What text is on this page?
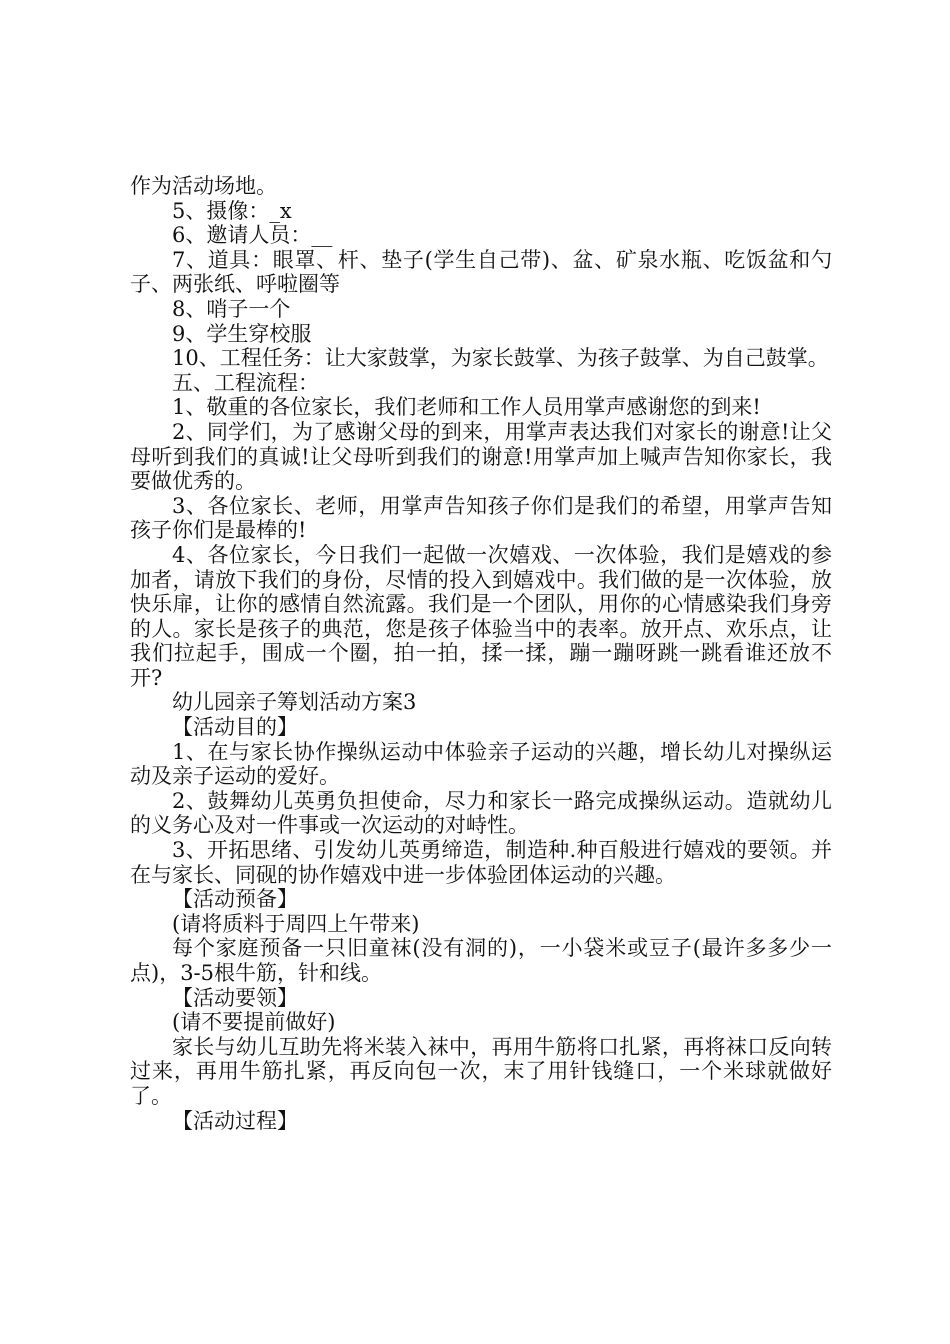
作为活动场地。

5、摄像：_x

6、邀请人员：__

7、道具：眼罩、杆、垫子(学生自己带)、盆、矿泉水瓶、吃饭盆和勺子、两张纸、呼啦圈等

8、哨子一个

9、学生穿校服

10、工程任务：让大家鼓掌，为家长鼓掌、为孩子鼓掌、为自己鼓掌。

五、工程流程：

1、敬重的各位家长，我们老师和工作人员用掌声感谢您的到来!

2、同学们，为了感谢父母的到来，用掌声表达我们对家长的谢意!让父母听到我们的真诚!让父母听到我们的谢意!用掌声加上喊声告知你家长，我要做优秀的。

3、各位家长、老师，用掌声告知孩子你们是我们的希望，用掌声告知孩子你们是最棒的!

4、各位家长，今日我们一起做一次嬉戏、一次体验，我们是嬉戏的参加者，请放下我们的身份，尽情的投入到嬉戏中。我们做的是一次体验，放快乐扉，让你的感情自然流露。我们是一个团队，用你的心情感染我们身旁的人。家长是孩子的典范，您是孩子体验当中的表率。放开点、欢乐点，让我们拉起手，围成一个圈，拍一拍，揉一揉，蹦一蹦呀跳一跳看谁还放不开?

幼儿园亲子筹划活动方案3

【活动目的】

1、在与家长协作操纵运动中体验亲子运动的兴趣，增长幼儿对操纵运动及亲子运动的爱好。

2、鼓舞幼儿英勇负担使命，尽力和家长一路完成操纵运动。造就幼儿的义务心及对一件事或一次运动的对峙性。

3、开拓思绪、引发幼儿英勇缔造，制造种.种百般进行嬉戏的要领。并在与家长、同砚的协作嬉戏中进一步体验团体运动的兴趣。

【活动预备】

(请将质料于周四上午带来)

每个家庭预备一只旧童袜(没有洞的)，一小袋米或豆子(最许多多少一点)，3-5根牛筋，针和线。

【活动要领】

(请不要提前做好)

家长与幼儿互助先将米装入袜中，再用牛筋将口扎紧，再将袜口反向转过来，再用牛筋扎紧，再反向包一次，末了用针钱缝口，一个米球就做好了。

【活动过程】
